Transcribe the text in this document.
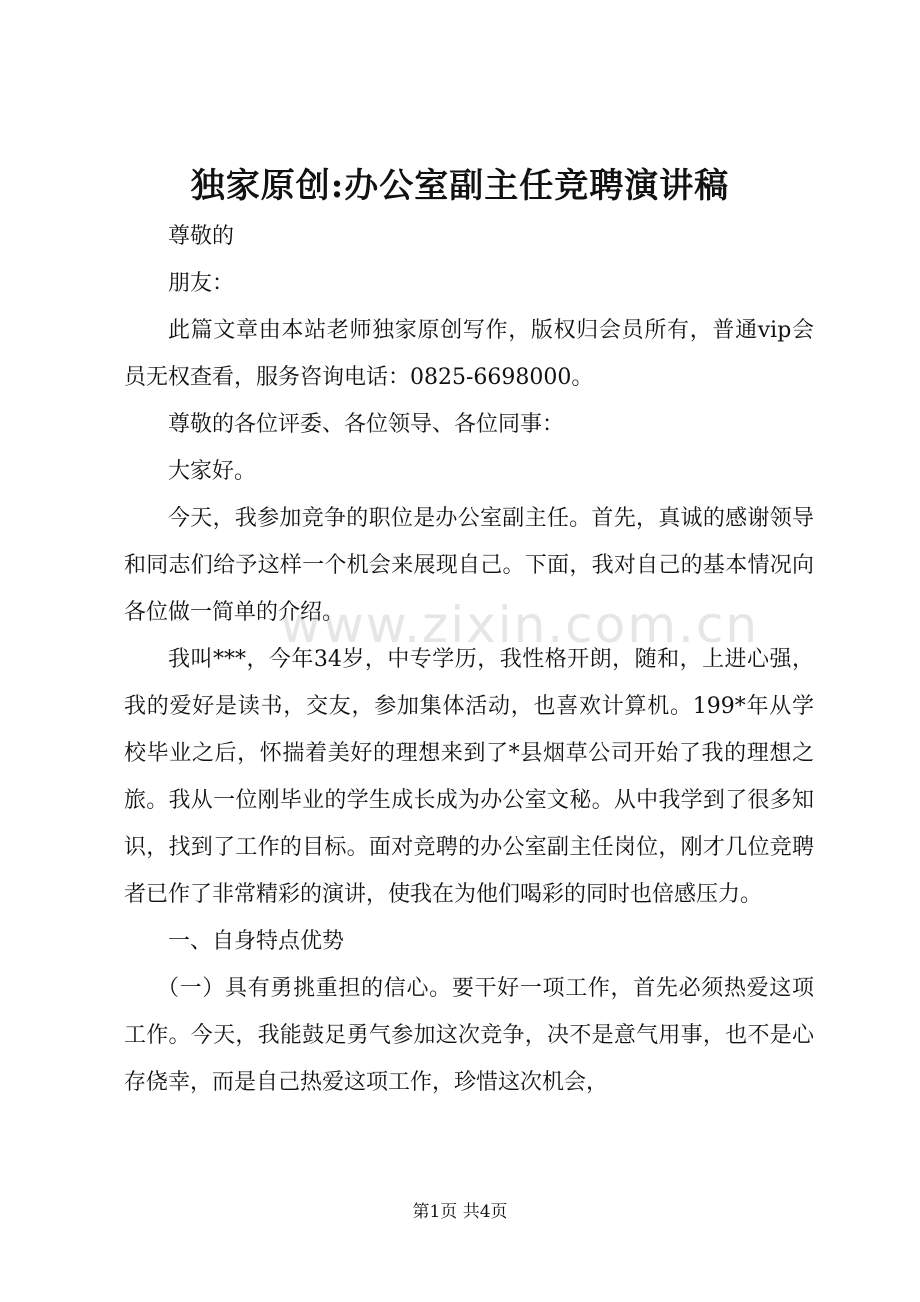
www.zixin.com.cn
独家原创:办公室副主任竞聘演讲稿

尊敬的

朋友：

此篇文章由本站老师独家原创写作，版权归会员所有，普通vip会员无权查看，服务咨询电话：0825-6698000。

尊敬的各位评委、各位领导、各位同事：

大家好。

今天，我参加竞争的职位是办公室副主任。首先，真诚的感谢领导和同志们给予这样一个机会来展现自己。下面，我对自己的基本情况向各位做一简单的介绍。

我叫***，今年34岁，中专学历，我性格开朗，随和，上进心强，我的爱好是读书，交友，参加集体活动，也喜欢计算机。199*年从学校毕业之后，怀揣着美好的理想来到了*县烟草公司开始了我的理想之旅。我从一位刚毕业的学生成长成为办公室文秘。从中我学到了很多知识，找到了工作的目标。面对竞聘的办公室副主任岗位，刚才几位竞聘者已作了非常精彩的演讲，使我在为他们喝彩的同时也倍感压力。

一、自身特点优势

（一）具有勇挑重担的信心。要干好一项工作，首先必须热爱这项工作。今天，我能鼓足勇气参加这次竞争，决不是意气用事，也不是心存侥幸，而是自己热爱这项工作，珍惜这次机会，

第1页 共4页
